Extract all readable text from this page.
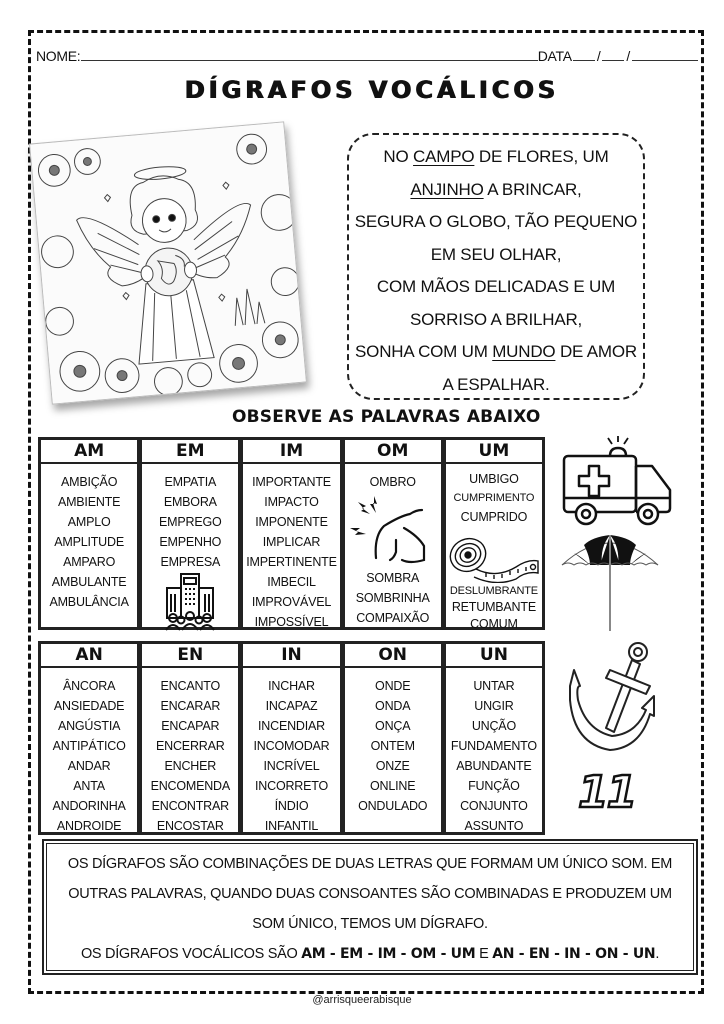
NOME:	DATA / /
DÍGRAFOS VOCÁLICOS
NO CAMPO DE FLORES, UM
ANJINHO A BRINCAR,
SEGURA O GLOBO, TÃO PEQUENO
EM SEU OLHAR,
COM MÃOS DELICADAS E UM
SORRISO A BRILHAR,
SONHA COM UM MUNDO DE AMOR
A ESPALHAR.
OBSERVE AS PALAVRAS ABAIXO
AM
AMBIÇÃO
AMBIENTE
AMPLO
AMPLITUDE
AMPARO
AMBULANTE
AMBULÂNCIA
EM
EMPATIA
EMBORA
EMPREGO
EMPENHO
EMPRESA
IM
IMPORTANTE
IMPACTO
IMPONENTE
IMPLICAR
IMPERTINENTE
IMBECIL
IMPROVÁVEL
IMPOSSÍVEL
OM
OMBRO
SOMBRA
SOMBRINHA
COMPAIXÃO
UM
UMBIGO
CUMPRIMENTO
CUMPRIDO
DESLUMBRANTE
RETUMBANTE
COMUM
AN
ÂNCORA
ANSIEDADE
ANGÚSTIA
ANTIPÁTICO
ANDAR
ANTA
ANDORINHA
ANDROIDE
EN
ENCANTO
ENCARAR
ENCAPAR
ENCERRAR
ENCHER
ENCOMENDA
ENCONTRAR
ENCOSTAR
IN
INCHAR
INCAPAZ
INCENDIAR
INCOMODAR
INCRÍVEL
INCORRETO
ÍNDIO
INFANTIL
ON
ONDE
ONDA
ONÇA
ONTEM
ONZE
ONLINE
ONDULADO
UN
UNTAR
UNGIR
UNÇÃO
FUNDAMENTO
ABUNDANTE
FUNÇÃO
CONJUNTO
ASSUNTO
11
OS DÍGRAFOS SÃO COMBINAÇÕES DE DUAS LETRAS QUE FORMAM UM ÚNICO SOM. EM
OUTRAS PALAVRAS, QUANDO DUAS CONSOANTES SÃO COMBINADAS E PRODUZEM UM
SOM ÚNICO, TEMOS UM DÍGRAFO.
OS DÍGRAFOS VOCÁLICOS SÃO AM - EM - IM - OM - UM E AN - EN - IN - ON - UN.
@arrisqueerabisque
